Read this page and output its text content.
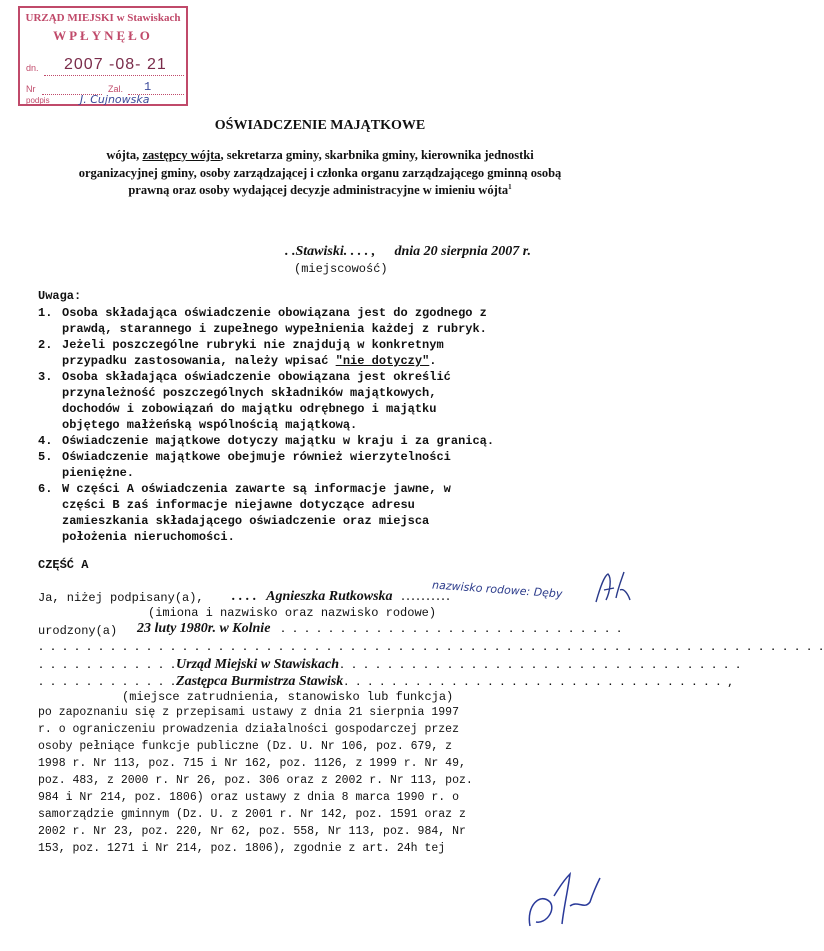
URZĄD MIEJSKI w Stawiskach
WPŁYNĘŁO
dn. 2007 -08- 21
Nr	Zal. 1
podpis	J. Cujnowska
OŚWIADCZENIE MAJĄTKOWE
wójta, zastępcy wójta, sekretarza gminy, skarbnika gminy, kierownika jednostki
organizacyjnej gminy, osoby zarządzającej i członka organu zarządzającego gminną osobą
prawną oraz osoby wydającej decyzje administracyjne w imieniu wójta$^1$
. .Stawiski. . . . , dnia 20 sierpnia 2007 r.
(miejscowość)
Uwaga:
1. Osoba składająca oświadczenie obowiązana jest do zgodnego z
prawdą, starannego i zupełnego wypełnienia każdej z rubryk.
2. Jeżeli poszczególne rubryki nie znajdują w konkretnym
przypadku zastosowania, należy wpisać "nie dotyczy".
3. Osoba składająca oświadczenie obowiązana jest określić
przynależność poszczególnych składników majątkowych,
dochodów i zobowiązań do majątku odrębnego i majątku
objętego małżeńską wspólnością majątkową.
4. Oświadczenie majątkowe dotyczy majątku w kraju i za granicą.
5. Oświadczenie majątkowe obejmuje również wierzytelności
pieniężne.
6. W części A oświadczenia zawarte są informacje jawne, w
części B zaś informacje niejawne dotyczące adresu
zamieszkania składającego oświadczenie oraz miejsca
położenia nieruchomości.
CZĘŚĆ A
Ja, niżej podpisany(a), . . . . Agnieszka Rutkowska . . . . . . . . . .
nazwisko rodowe: Dęby
(imiona i nazwisko oraz nazwisko rodowe)
urodzony(a) 23 luty 1980r. w Kolnie . . . . . . . . . . . . . . . . . . . . . . . . . . . . .
. . . . . . . . . . . . . . . . . . . . . . . . . . . . . . . . . . . . . . . . . . . . . . . . . . . . . . . . . . . . . . . . . .
. . . . . . . . . . . .Urząd Miejski w Stawiskach. . . . . . . . . . . . . . . . . . . . . . . . . . . . . . . . . .
. . . . . . . . . . . .Zastępca Burmistrza Stawisk. . . . . . . . . . . . . . . . . . . . . . . . . . . . . . . . ,
(miejsce zatrudnienia, stanowisko lub funkcja)
po zapoznaniu się z przepisami ustawy z dnia 21 sierpnia 1997
r. o ograniczeniu prowadzenia działalności gospodarczej przez
osoby pełniące funkcje publiczne (Dz. U. Nr 106, poz. 679, z
1998 r. Nr 113, poz. 715 i Nr 162, poz. 1126, z 1999 r. Nr 49,
poz. 483, z 2000 r. Nr 26, poz. 306 oraz z 2002 r. Nr 113, poz.
984 i Nr 214, poz. 1806) oraz ustawy z dnia 8 marca 1990 r. o
samorządzie gminnym (Dz. U. z 2001 r. Nr 142, poz. 1591 oraz z
2002 r. Nr 23, poz. 220, Nr 62, poz. 558, Nr 113, poz. 984, Nr
153, poz. 1271 i Nr 214, poz. 1806), zgodnie z art. 24h tej
